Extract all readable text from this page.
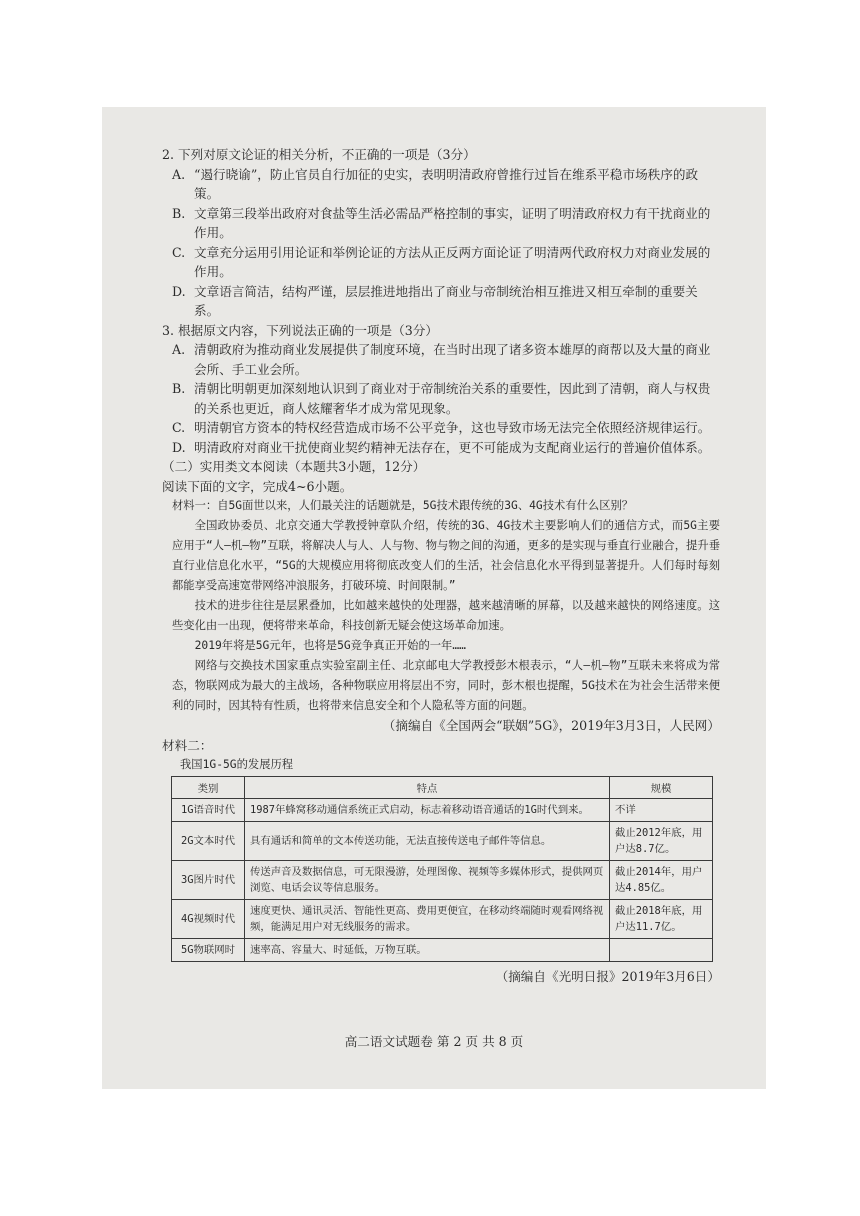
2. 下列对原文论证的相关分析，不正确的一项是（3分）
A. “遏行晓谕”，防止官员自行加征的史实，表明明清政府曾推行过旨在维系平稳市场秩序的政策。
B. 文章第三段举出政府对食盐等生活必需品严格控制的事实，证明了明清政府权力有干扰商业的作用。
C. 文章充分运用引用论证和举例论证的方法从正反两方面论证了明清两代政府权力对商业发展的作用。
D. 文章语言简洁，结构严谨，层层推进地指出了商业与帝制统治相互推进又相互牵制的重要关系。
3. 根据原文内容，下列说法正确的一项是（3分）
A. 清朝政府为推动商业发展提供了制度环境，在当时出现了诸多资本雄厚的商帮以及大量的商业会所、手工业会所。
B. 清朝比明朝更加深刻地认识到了商业对于帝制统治关系的重要性，因此到了清朝，商人与权贵的关系也更近，商人炫耀奢华才成为常见现象。
C. 明清朝官方资本的特权经营造成市场不公平竞争，这也导致市场无法完全依照经济规律运行。
D. 明清政府对商业干扰使商业契约精神无法存在，更不可能成为支配商业运行的普遍价值体系。
（二）实用类文本阅读（本题共3小题，12分）
阅读下面的文字，完成4~6小题。
材料一：自5G面世以来，人们最关注的话题就是，5G技术跟传统的3G、4G技术有什么区别？
全国政协委员、北京交通大学教授钟章队介绍，传统的3G、4G技术主要影响人们的通信方式，而5G主要应用于“人—机—物”互联，将解决人与人、人与物、物与物之间的沟通，更多的是实现与垂直行业融合，提升垂直行业信息化水平，“5G的大规模应用将彻底改变人们的生活，社会信息化水平得到显著提升。人们每时每刻都能享受高速宽带网络冲浪服务，打破环境、时间限制。”
技术的进步往往是层累叠加，比如越来越快的处理器，越来越清晰的屏幕，以及越来越快的网络速度。这些变化由一出现，便将带来革命，科技创新无疑会使这场革命加速。
2019年将是5G元年，也将是5G竞争真正开始的一年……
网络与交换技术国家重点实验室副主任、北京邮电大学教授彭木根表示，“人—机—物”互联未来将成为常态，物联网成为最大的主战场，各种物联应用将层出不穷，同时，彭木根也提醒，5G技术在为社会生活带来便利的同时，因其特有性质，也将带来信息安全和个人隐私等方面的问题。
（摘编自《全国两会“联姻”5G》，2019年3月3日，人民网）
材料二：
我国1G-5G的发展历程
类别	特点	规模
1G语音时代	1987年蜂窝移动通信系统正式启动，标志着移动语音通话的1G时代到来。	不详
2G文本时代	具有通话和简单的文本传送功能，无法直接传送电子邮件等信息。	截止2012年底，用户达8.7亿。
3G图片时代	传送声音及数据信息，可无限漫游，处理图像、视频等多媒体形式，提供网页浏览、电话会议等信息服务。	截止2014年，用户达4.85亿。
4G视频时代	速度更快、通讯灵活、智能性更高、费用更便宜，在移动终端随时观看网络视频，能满足用户对无线服务的需求。	截止2018年底，用户达11.7亿。
5G物联网时	速率高、容量大、时延低，万物互联。	
（摘编自《光明日报》2019年3月6日）
高二语文试题卷 第 2 页 共 8 页
